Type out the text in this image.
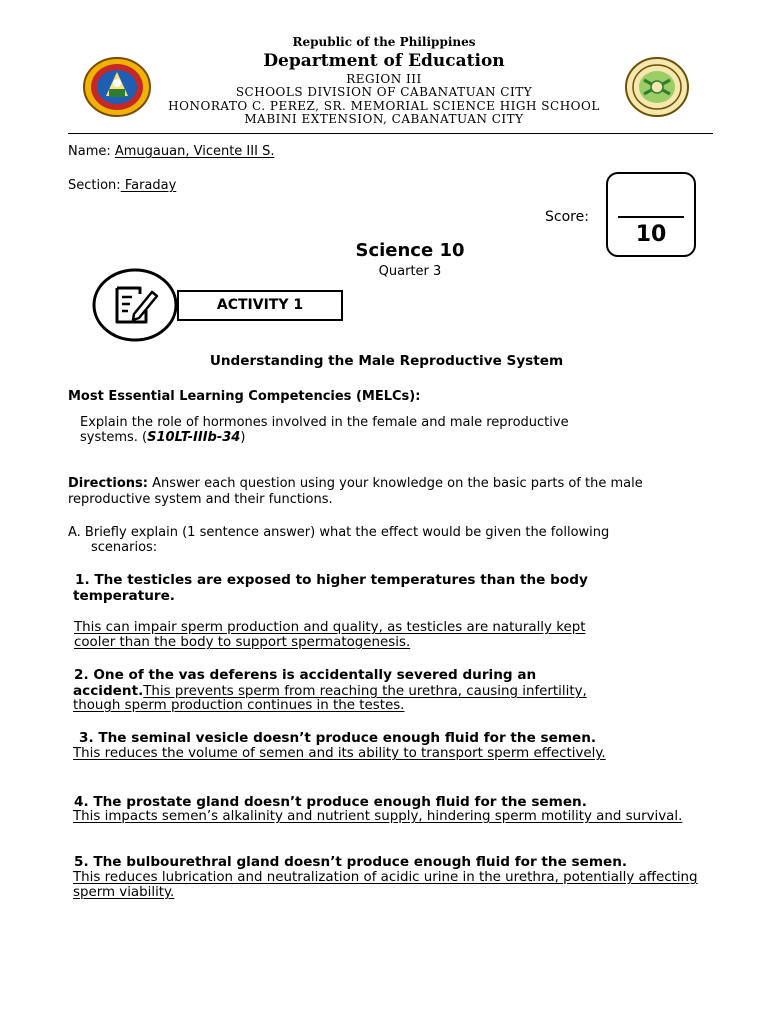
Republic of the Philippines
Department of Education
REGION III
SCHOOLS DIVISION OF CABANATUAN CITY
HONORATO C. PEREZ, SR. MEMORIAL SCIENCE HIGH SCHOOL
MABINI EXTENSION, CABANATUAN CITY
Name: Amugauan, Vicente III S.
Section: Faraday
Score:
10
Science 10
Quarter 3
ACTIVITY 1
Understanding the Male Reproductive System
Most Essential Learning Competencies (MELCs):
Explain the role of hormones involved in the female and male reproductive
systems. (S10LT-IIIb-34)
Directions: Answer each question using your knowledge on the basic parts of the male
reproductive system and their functions.
A. Briefly explain (1 sentence answer) what the effect would be given the following
scenarios:
1. The testicles are exposed to higher temperatures than the body
temperature.
This can impair sperm production and quality, as testicles are naturally kept
cooler than the body to support spermatogenesis.
2. One of the vas deferens is accidentally severed during an
accident.This prevents sperm from reaching the urethra, causing infertility,
though sperm production continues in the testes.
3. The seminal vesicle doesn’t produce enough fluid for the semen.
This reduces the volume of semen and its ability to transport sperm effectively.
4. The prostate gland doesn’t produce enough fluid for the semen.
This impacts semen’s alkalinity and nutrient supply, hindering sperm motility and survival.
5. The bulbourethral gland doesn’t produce enough fluid for the semen.
This reduces lubrication and neutralization of acidic urine in the urethra, potentially affecting
sperm viability.
